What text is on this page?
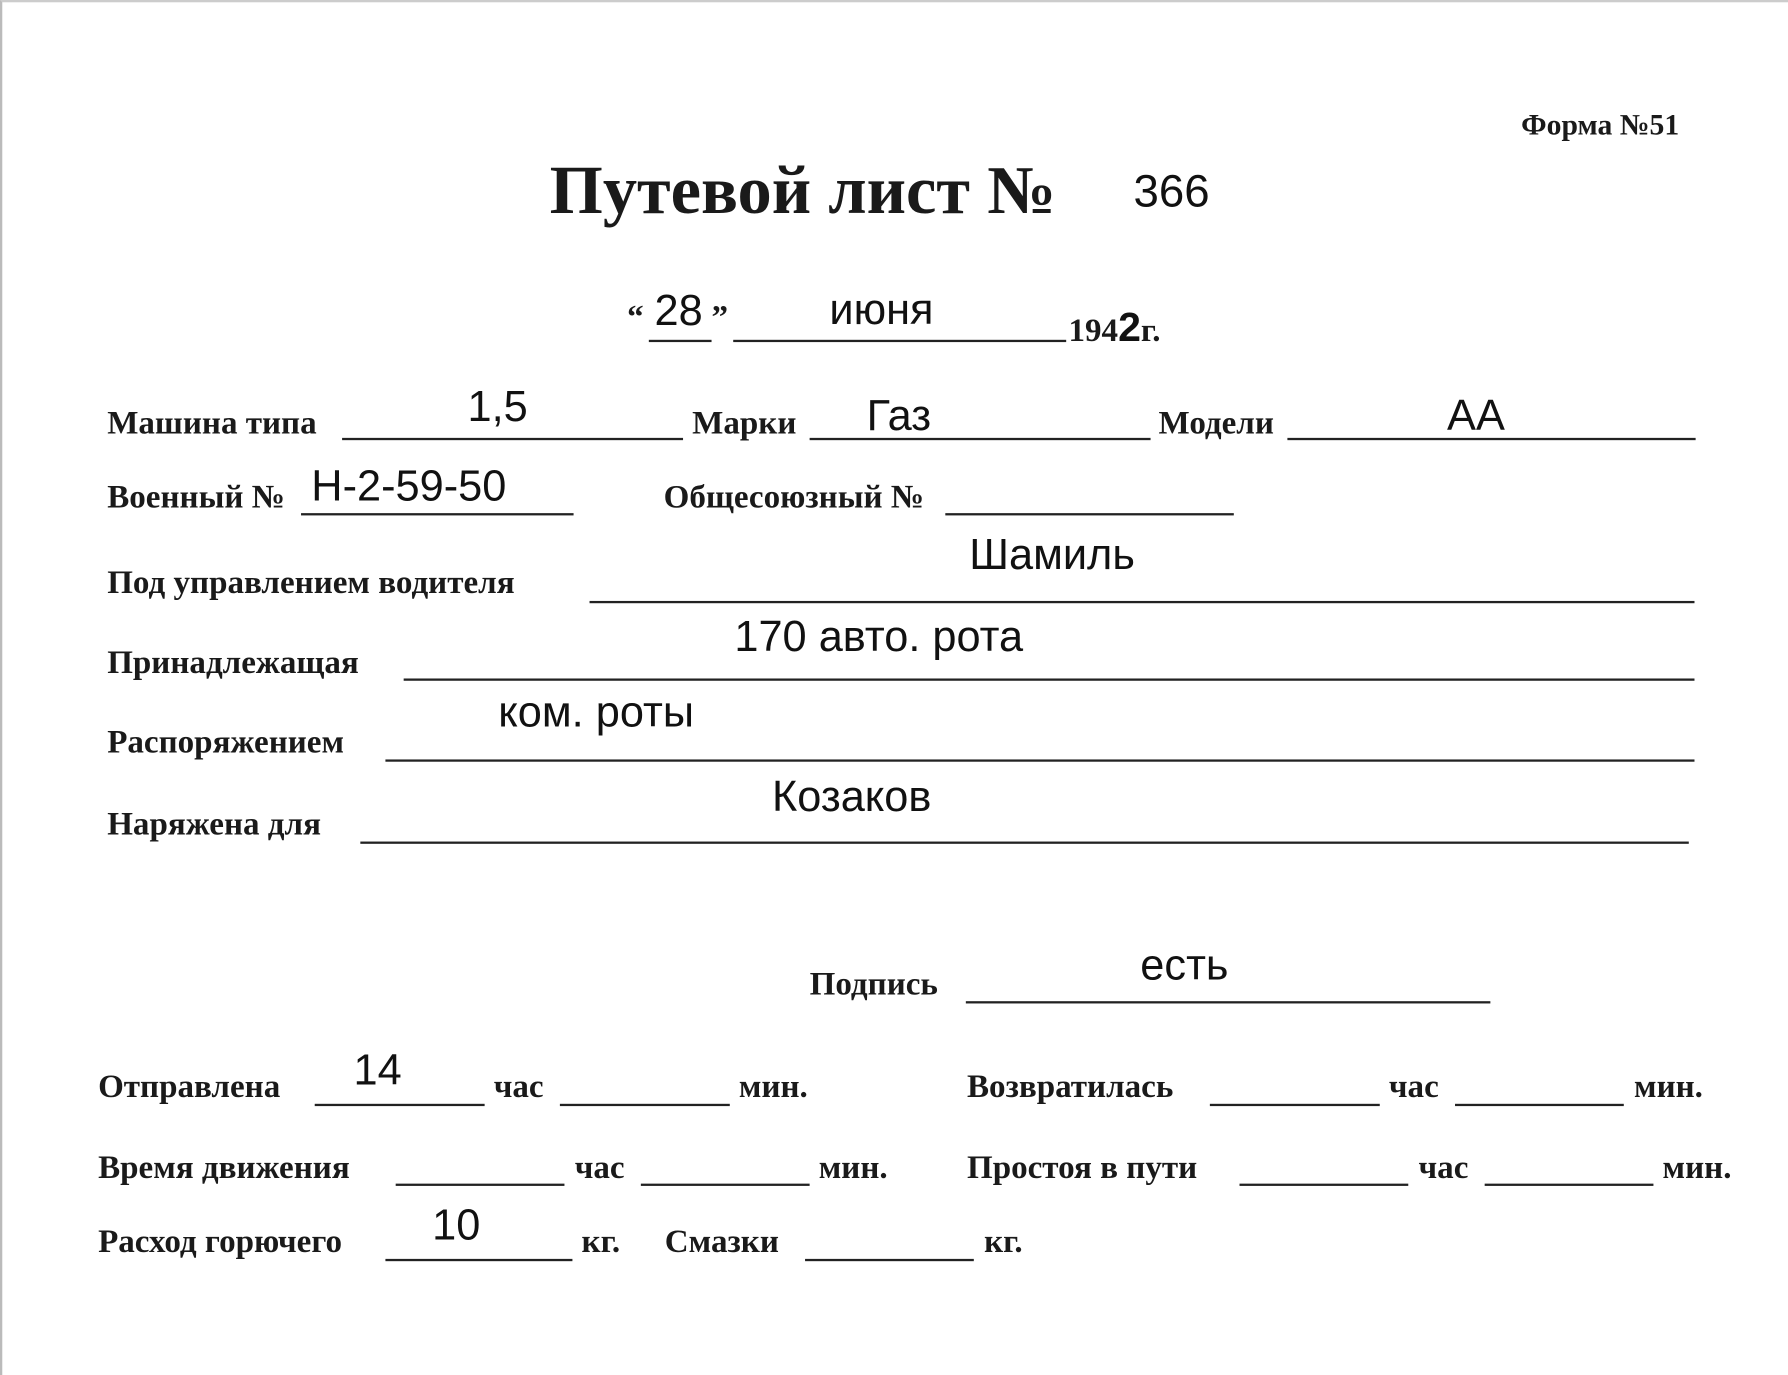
Форма №51
Путевой лист № 366
“ 28 ”	июня	1942г.
Машина типа	1,5	Марки Газ	Модели	АА
Военный № Н-2-59-50	Общесоюзный №
Под управлением водителя
Шамиль
Принадлежащая
170 авто. рота
Распоряжением
ком. роты
Наряжена для
Козаков
Подпись	есть
Отправлена 14	час	мин.	Возвратилась	час	мин.
Время движения	час	мин.	Простоя в пути	час	мин.
Расход горючего 10	кг. Смазки	кг.
